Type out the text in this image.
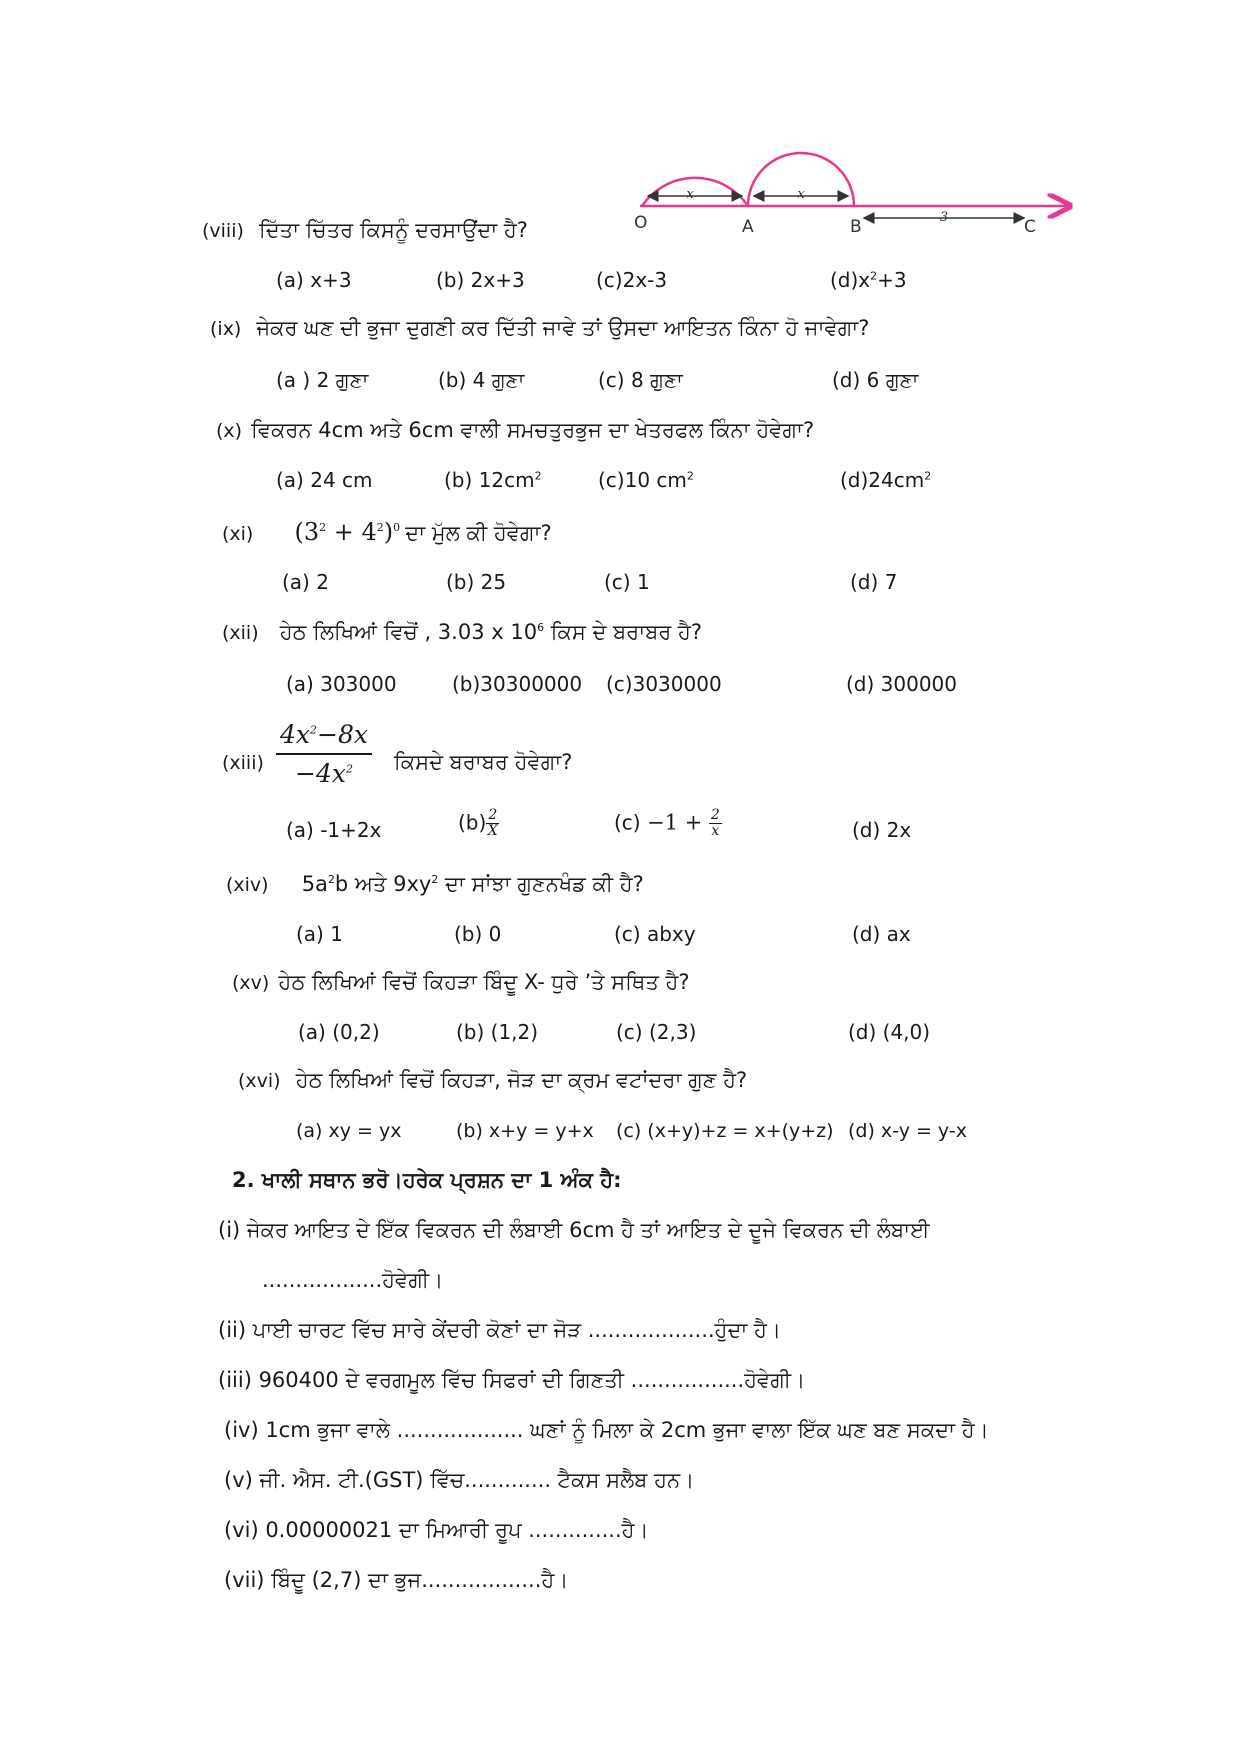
x	x
3
O	A	B	C
(viii) ਦਿੱਤਾ ਚਿੱਤਰ ਕਿਸਨੂੰ ਦਰਸਾਉਂਦਾ ਹੈ?
(a) x+3	(b) 2x+3	(c)2x-3	$(d)x^2+3$
(ix) ਜੇਕਰ ਘਣ ਦੀ ਭੁਜਾ ਦੁਗਣੀ ਕਰ ਦਿੱਤੀ ਜਾਵੇ ਤਾਂ ਉਸਦਾ ਆਇਤਨ ਕਿੰਨਾ ਹੋ ਜਾਵੇਗਾ?
(a ) 2 ਗੁਣਾ	(b) 4 ਗੁਣਾ	(c) 8 ਗੁਣਾ	(d) 6 ਗੁਣਾ
(x) ਵਿਕਰਨ 4cm ਅਤੇ 6cm ਵਾਲੀ ਸਮਚਤੁਰਭੁਜ ਦਾ ਖੇਤਰਫਲ ਕਿੰਨਾ ਹੋਵੇਗਾ?
(a) 24 cm	(b) $12cm^2$	(c)10 $cm^2$	$(d)24cm^2$
(xi) $(3^2 + 4^2)^0$ ਦਾ ਮੁੱਲ ਕੀ ਹੋਵੇਗਾ?
(a) 2	(b) 25	(c) 1	(d) 7
(xii) ਹੇਠ ਲਿਖਿਆਂ ਵਿਚੋਂ , 3.03 x $10^6$ ਕਿਸ ਦੇ ਬਰਾਬਰ ਹੈ?
(a) 303000	(b)30300000 (c)3030000	(d) 300000
(xiii)
$4x^2-8x$
$-4x^2$	ਕਿਸਦੇ ਬਰਾਬਰ ਹੋਵੇਗਾ?
(a) -1+2x	$(b) \frac{2}{X}$	$(c) -1 + \frac{2}{x}$	(d) 2x
(xiv) $5a^2b$ ਅਤੇ $9xy^2$ ਦਾ ਸਾਂਝਾ ਗੁਣਨਖੰਡ ਕੀ ਹੈ?
(a) 1	(b) 0	(c) abxy	(d) ax
(xv) ਹੇਠ ਲਿਖਿਆਂ ਵਿਚੋਂ ਕਿਹੜਾ ਬਿੰਦੂ X- ਧੁਰੇ ’ਤੇ ਸਥਿਤ ਹੈ?
(a) (0,2)	(b) (1,2)	(c) (2,3)	(d) (4,0)
(xvi) ਹੇਠ ਲਿਖਿਆਂ ਵਿਚੋਂ ਕਿਹੜਾ, ਜੋੜ ਦਾ ਕ੍ਰਮ ਵਟਾਂਦਰਾ ਗੁਣ ਹੈ?
(a) xy = yx	(b) x+y = y+x (c) (x+y)+z = x+(y+z) (d) x-y = y-x
2. ਖਾਲੀ ਸਥਾਨ ਭਰੋ।ਹਰੇਕ ਪ੍ਰਸ਼ਨ ਦਾ 1 ਅੰਕ ਹੈ:
(i) ਜੇਕਰ ਆਇਤ ਦੇ ਇੱਕ ਵਿਕਰਨ ਦੀ ਲੰਬਾਈ 6cm ਹੈ ਤਾਂ ਆਇਤ ਦੇ ਦੂਜੇ ਵਿਕਰਨ ਦੀ ਲੰਬਾਈ
..................ਹੋਵੇਗੀ।
(ii) ਪਾਈ ਚਾਰਟ ਵਿੱਚ ਸਾਰੇ ਕੇਂਦਰੀ ਕੋਣਾਂ ਦਾ ਜੋੜ ...................ਹੁੰਦਾ ਹੈ।
(iii) 960400 ਦੇ ਵਰਗਮੂਲ ਵਿੱਚ ਸਿਫਰਾਂ ਦੀ ਗਿਣਤੀ .................ਹੋਵੇਗੀ।
(iv) 1cm ਭੁਜਾ ਵਾਲੇ ................... ਘਣਾਂ ਨੂੰ ਮਿਲਾ ਕੇ 2cm ਭੁਜਾ ਵਾਲਾ ਇੱਕ ਘਣ ਬਣ ਸਕਦਾ ਹੈ।
(v) ਜੀ. ਐਸ. ਟੀ.(GST) ਵਿੱਚ............. ਟੈਕਸ ਸਲੈਬ ਹਨ।
(vi) 0.00000021 ਦਾ ਮਿਆਰੀ ਰੂਪ ..............ਹੈ।
(vii) ਬਿੰਦੂ (2,7) ਦਾ ਭੁਜ..................ਹੈ।
